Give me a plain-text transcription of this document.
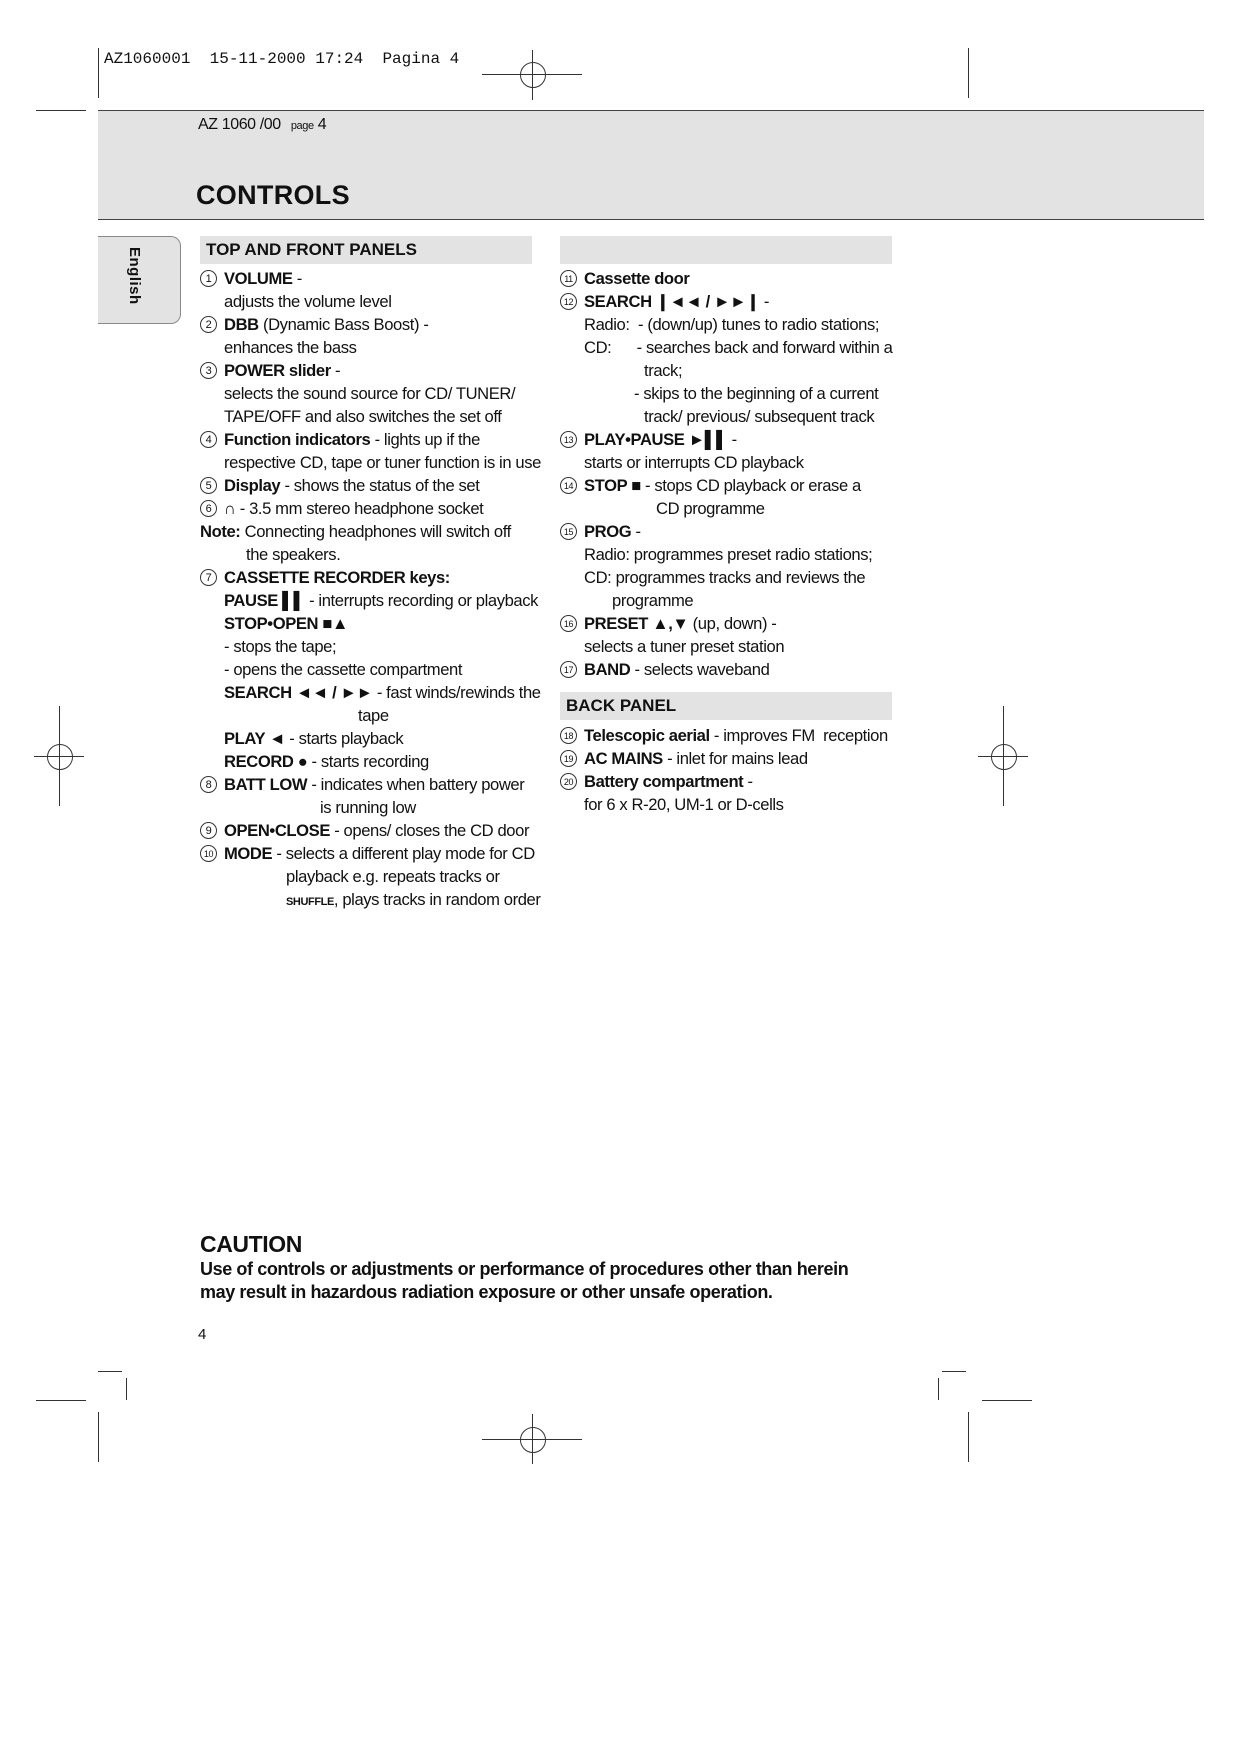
AZ1060001  15-11-2000 17:24  Pagina 4
AZ 1060 /00 page 4
CONTROLS
English	TOP AND FRONT PANELS
1 VOLUME -
adjusts the volume level
2 DBB (Dynamic Bass Boost) -
enhances the bass
3 POWER slider -
selects the sound source for CD/ TUNER/
TAPE/OFF and also switches the set off
4 Function indicators - lights up if the
respective CD, tape or tuner function is in use
5 Display - shows the status of the set
6 ∩ - 3.5 mm stereo headphone socket
Note: Connecting headphones will switch off
the speakers.
7 CASSETTE RECORDER keys:
PAUSE ▌▌ - interrupts recording or playback
STOP•OPEN ■▲
- stops the tape;
- opens the cassette compartment
SEARCH ◄◄ / ►► - fast winds/rewinds the
tape
PLAY ◄ - starts playback
RECORD ● - starts recording
8 BATT LOW - indicates when battery power
is running low
9 OPEN•CLOSE - opens/ closes the CD door
10 MODE - selects a different play mode for CD
playback e.g. repeats tracks or
SHUFFLE, plays tracks in random order
11 Cassette door
12 SEARCH ❙◄◄ / ►►❙ -
Radio:  - (down/up) tunes to radio stations;
CD:      - searches back and forward within a
track;
- skips to the beginning of a current
track/ previous/ subsequent track
13 PLAY•PAUSE ►▌▌ -
starts or interrupts CD playback
14 STOP ■ - stops CD playback or erase a
CD programme
15 PROG -
Radio: programmes preset radio stations;
CD: programmes tracks and reviews the
programme
16 PRESET ▲,▼ (up, down) -
selects a tuner preset station
17 BAND - selects waveband
BACK PANEL
18 Telescopic aerial - improves FM  reception
19 AC MAINS - inlet for mains lead
20 Battery compartment -
for 6 x R-20, UM-1 or D-cells
CAUTION
Use of controls or adjustments or performance of procedures other than herein
may result in hazardous radiation exposure or other unsafe operation.
4
